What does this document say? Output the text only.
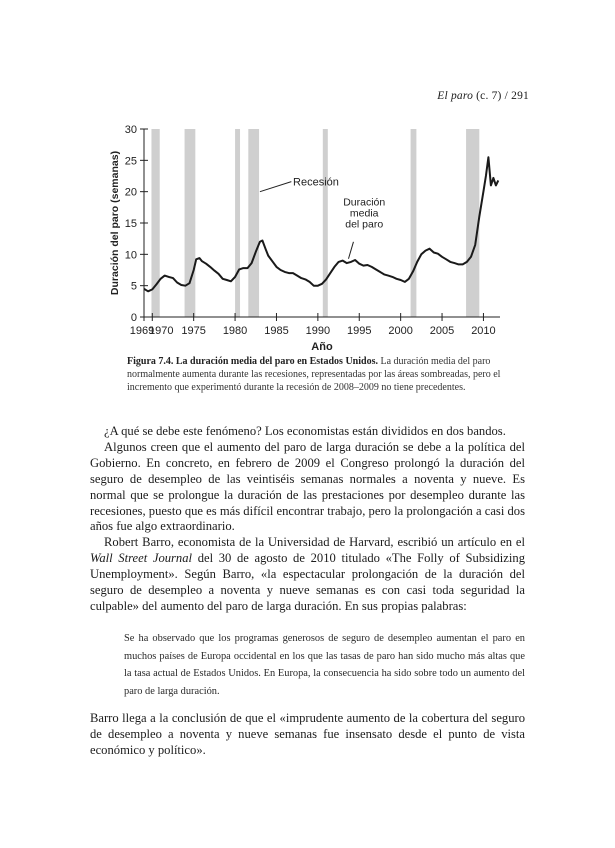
El paro (c. 7) / 291
0
5
10
15
20
25
30
1969
1970 1975 1980 1985 1990 1995 2000 2005 2010
Año
Duración del paro (semanas)	Recesión
Duración
media
del paro
Figura 7.4. La duración media del paro en Estados Unidos. La duración media del paro normalmente aumenta durante las recesiones, representadas por las áreas sombreadas, pero el incremento que experimentó durante la recesión de 2008–2009 no tiene precedentes.

¿A qué se debe este fenómeno? Los economistas están divididos en dos bandos.

Algunos creen que el aumento del paro de larga duración se debe a la política del Gobierno. En concreto, en febrero de 2009 el Congreso prolongó la duración del seguro de desempleo de las veintiséis semanas normales a noventa y nueve. Es normal que se prolongue la duración de las prestaciones por desempleo durante las recesiones, puesto que es más difícil encontrar trabajo, pero la prolongación a casi dos años fue algo extraordinario.

Robert Barro, economista de la Universidad de Harvard, escribió un artículo en el Wall Street Journal del 30 de agosto de 2010 titulado «The Folly of Subsidizing Unemployment». Según Barro, «la espectacular prolongación de la duración del seguro de desempleo a noventa y nueve semanas es con casi toda seguridad la culpable» del aumento del paro de larga duración. En sus propias palabras:

Se ha observado que los programas generosos de seguro de desempleo aumentan el paro en muchos países de Europa occidental en los que las tasas de paro han sido mucho más altas que la tasa actual de Estados Unidos. En Europa, la consecuencia ha sido sobre todo un aumento del paro de larga duración.

Barro llega a la conclusión de que el «imprudente aumento de la cobertura del seguro de desempleo a noventa y nueve semanas fue insensato desde el punto de vista económico y político».
